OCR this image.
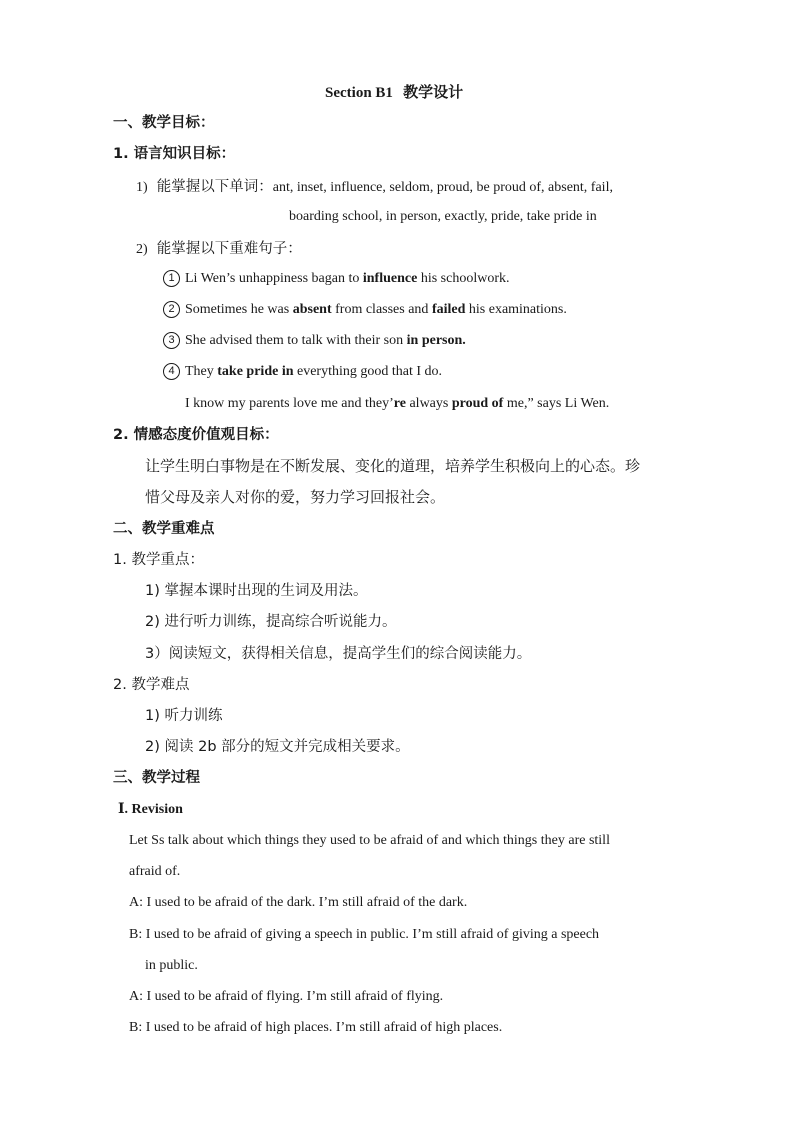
Section B1 教学设计
一、教学目标：
1. 语言知识目标：
1) 能掌握以下单词：ant, inset, influence, seldom, proud, be proud of, absent, fail,
boarding school, in person, exactly, pride, take pride in
2) 能掌握以下重难句子：
1 Li Wen’s unhappiness bagan to influence his schoolwork.
2 Sometimes he was absent from classes and failed his examinations.
3 She advised them to talk with their son in person.
4 They take pride in everything good that I do.
I know my parents love me and they’re always proud of me,” says Li Wen.
2. 情感态度价值观目标：
让学生明白事物是在不断发展、变化的道理，培养学生积极向上的心态。珍
惜父母及亲人对你的爱，努力学习回报社会。
二、教学重难点
1. 教学重点：
1) 掌握本课时出现的生词及用法。
2) 进行听力训练，提高综合听说能力。
3）阅读短文，获得相关信息，提高学生们的综合阅读能力。
2. 教学难点
1) 听力训练
2) 阅读 2b 部分的短文并完成相关要求。
三、教学过程
Ⅰ. Revision
Let Ss talk about which things they used to be afraid of and which things they are still
afraid of.
A: I used to be afraid of the dark. I’m still afraid of the dark.
B: I used to be afraid of giving a speech in public. I’m still afraid of giving a speech
in public.
A: I used to be afraid of flying. I’m still afraid of flying.
B: I used to be afraid of high places. I’m still afraid of high places.
